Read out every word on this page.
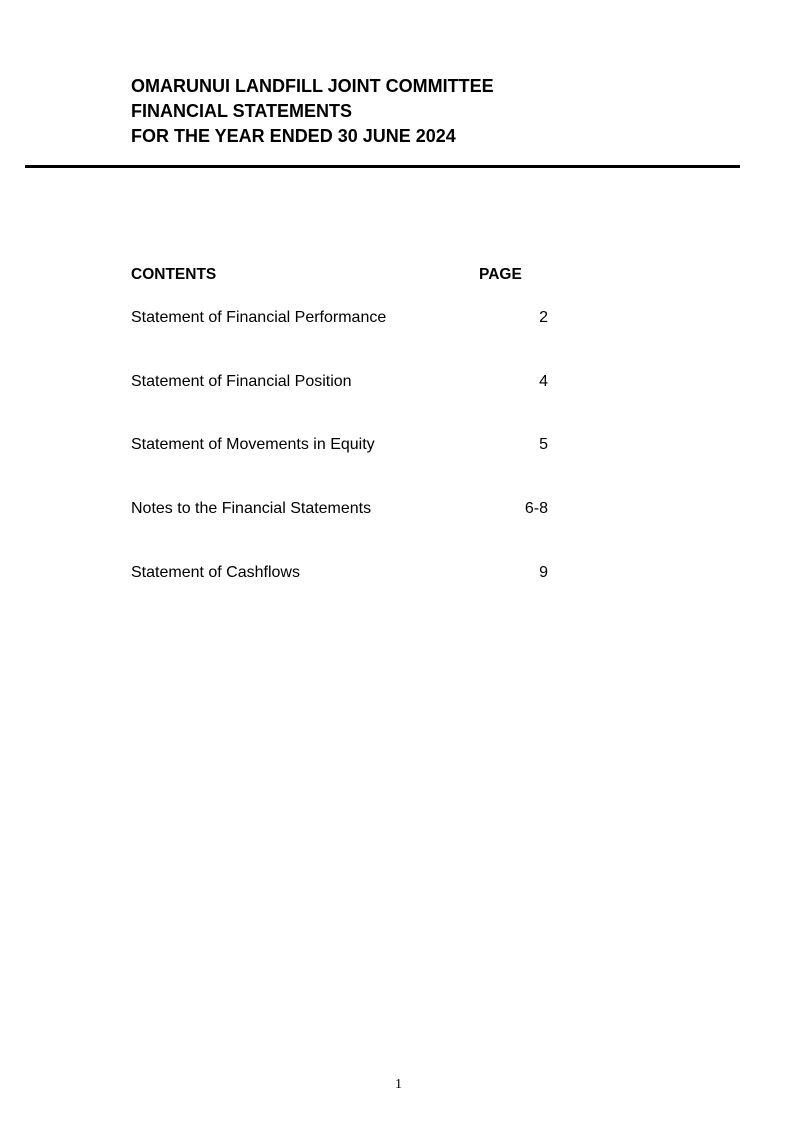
OMARUNUI LANDFILL JOINT COMMITTEE
FINANCIAL STATEMENTS
FOR THE YEAR ENDED 30 JUNE 2024
CONTENTS	PAGE
Statement of Financial Performance	2
Statement of Financial Position	4
Statement of Movements in Equity	5
Notes to the Financial Statements	6-8
Statement of Cashflows	9
1
